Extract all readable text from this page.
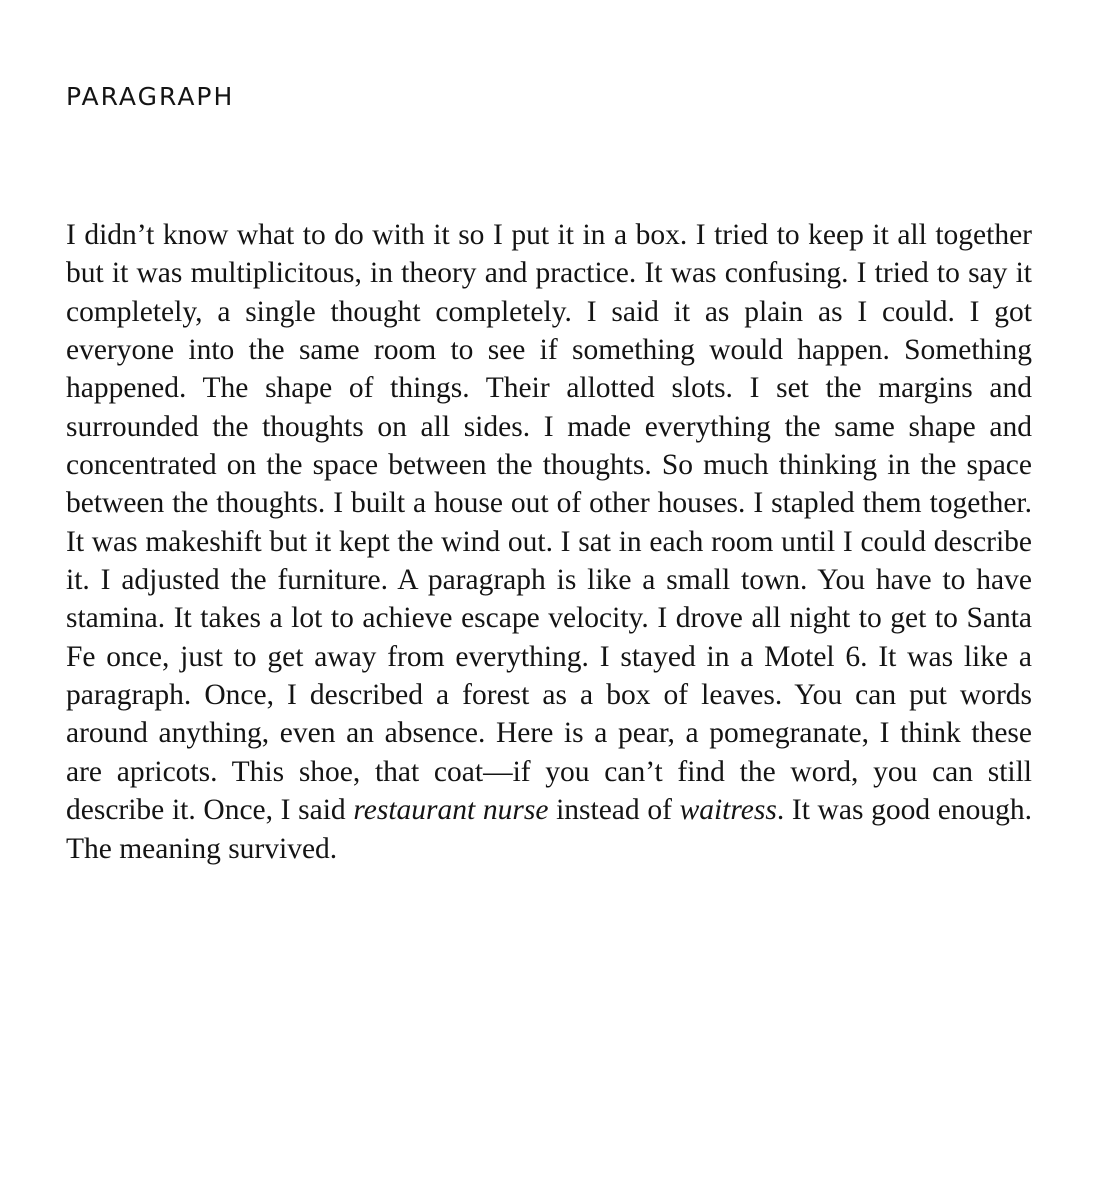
PARAGRAPH

I didn’t know what to do with it so I put it in a box. I tried to keep it all together but it was multiplicitous, in theory and practice. It was confusing. I tried to say it completely, a single thought completely. I said it as plain as I could. I got everyone into the same room to see if something would happen. Something happened. The shape of things. Their allotted slots. I set the margins and surrounded the thoughts on all sides. I made everything the same shape and concentrated on the space between the thoughts. So much thinking in the space between the thoughts. I built a house out of other houses. I stapled them together. It was makeshift but it kept the wind out. I sat in each room until I could describe it. I adjusted the furniture. A paragraph is like a small town. You have to have stamina. It takes a lot to achieve escape velocity. I drove all night to get to Santa Fe once, just to get away from everything. I stayed in a Motel 6. It was like a paragraph. Once, I described a forest as a box of leaves. You can put words around anything, even an absence. Here is a pear, a pomegranate, I think these are apricots. This shoe, that coat—if you can’t find the word, you can still describe it. Once, I said restaurant nurse instead of waitress. It was good enough. The meaning survived.
